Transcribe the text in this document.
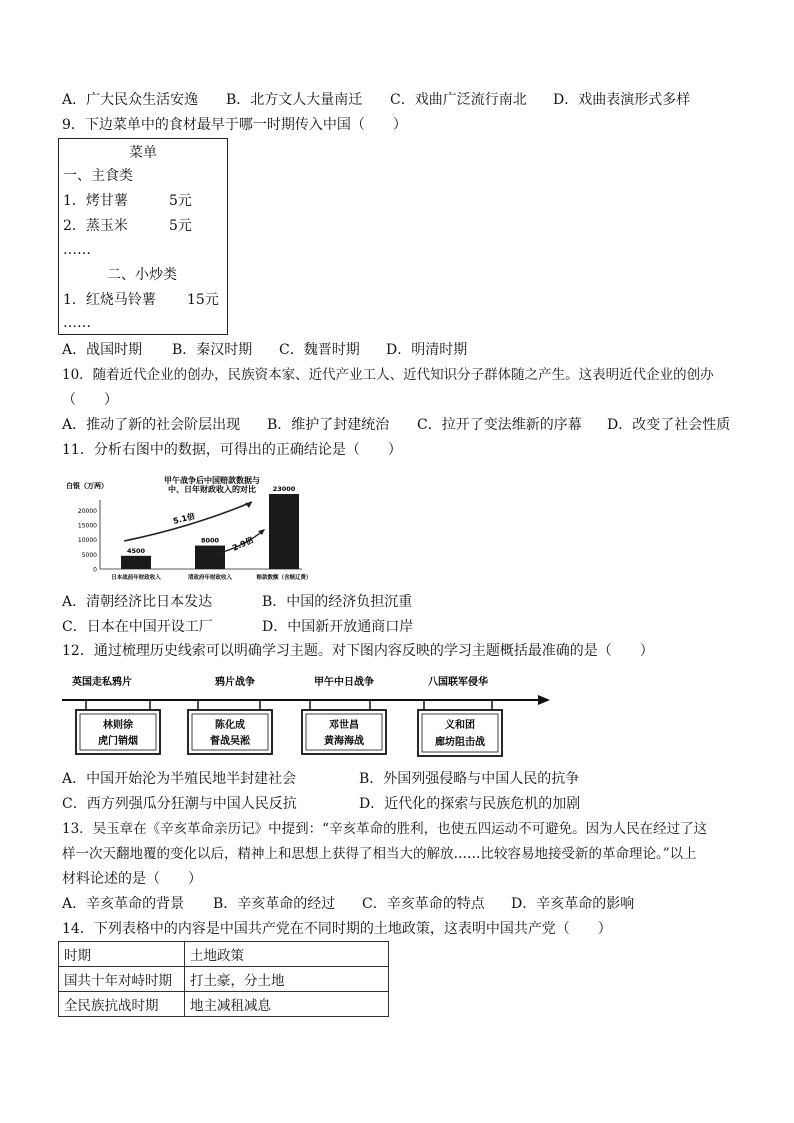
A．广大民众生活安逸 B．北方文人大量南迁 C．戏曲广泛流行南北 D．戏曲表演形式多样
9．下边菜单中的食材最早于哪一时期传入中国（　　）
菜单
一、主食类
1．烤甘薯	5元
2．蒸玉米	5元
……
二、小炒类
1．红烧马铃薯 15元
……
A．战国时期 B．秦汉时期 C．魏晋时期 D．明清时期
10．随着近代企业的创办，民族资本家、近代产业工人、近代知识分子群体随之产生。这表明近代企业的创办
（　　）
A．推动了新的社会阶层出现 B．维护了封建统治 C．拉开了变法维新的序幕 D．改变了社会性质
11．分析右图中的数据，可得出的正确结论是（　　）
甲午战争后中国赔款数据与
中、日年财政收入的对比
白银（万两）
0
5000
10000
15000
20000
4500
8000
23000
日本战前年财政收入	清政府年财政收入	赔款数额（含赎辽费）
5.1倍
2.9倍
A．清朝经济比日本发达	B．中国的经济负担沉重
C．日本在中国开设工厂	D．中国新开放通商口岸
12．通过梳理历史线索可以明确学习主题。对下图内容反映的学习主题概括最准确的是（　　）
英国走私鸦片	鸦片战争	甲午中日战争	八国联军侵华
林则徐
虎门销烟
陈化成
督战吴淞
邓世昌
黄海海战
义和团
廊坊阻击战
A．中国开始沦为半殖民地半封建社会	B．外国列强侵略与中国人民的抗争
C．西方列强瓜分狂潮与中国人民反抗	D．近代化的探索与民族危机的加剧
13．吴玉章在《辛亥革命亲历记》中提到：“辛亥革命的胜利，也使五四运动不可避免。因为人民在经过了这
样一次天翻地覆的变化以后，精神上和思想上获得了相当大的解放……比较容易地接受新的革命理论。”以上
材料论述的是（　　）
A．辛亥革命的背景 B．辛亥革命的经过 C．辛亥革命的特点 D．辛亥革命的影响
14．下列表格中的内容是中国共产党在不同时期的土地政策，这表明中国共产党（　　）
时期	土地政策
国共十年对峙时期	打土豪，分土地
全民族抗战时期	地主减租减息
